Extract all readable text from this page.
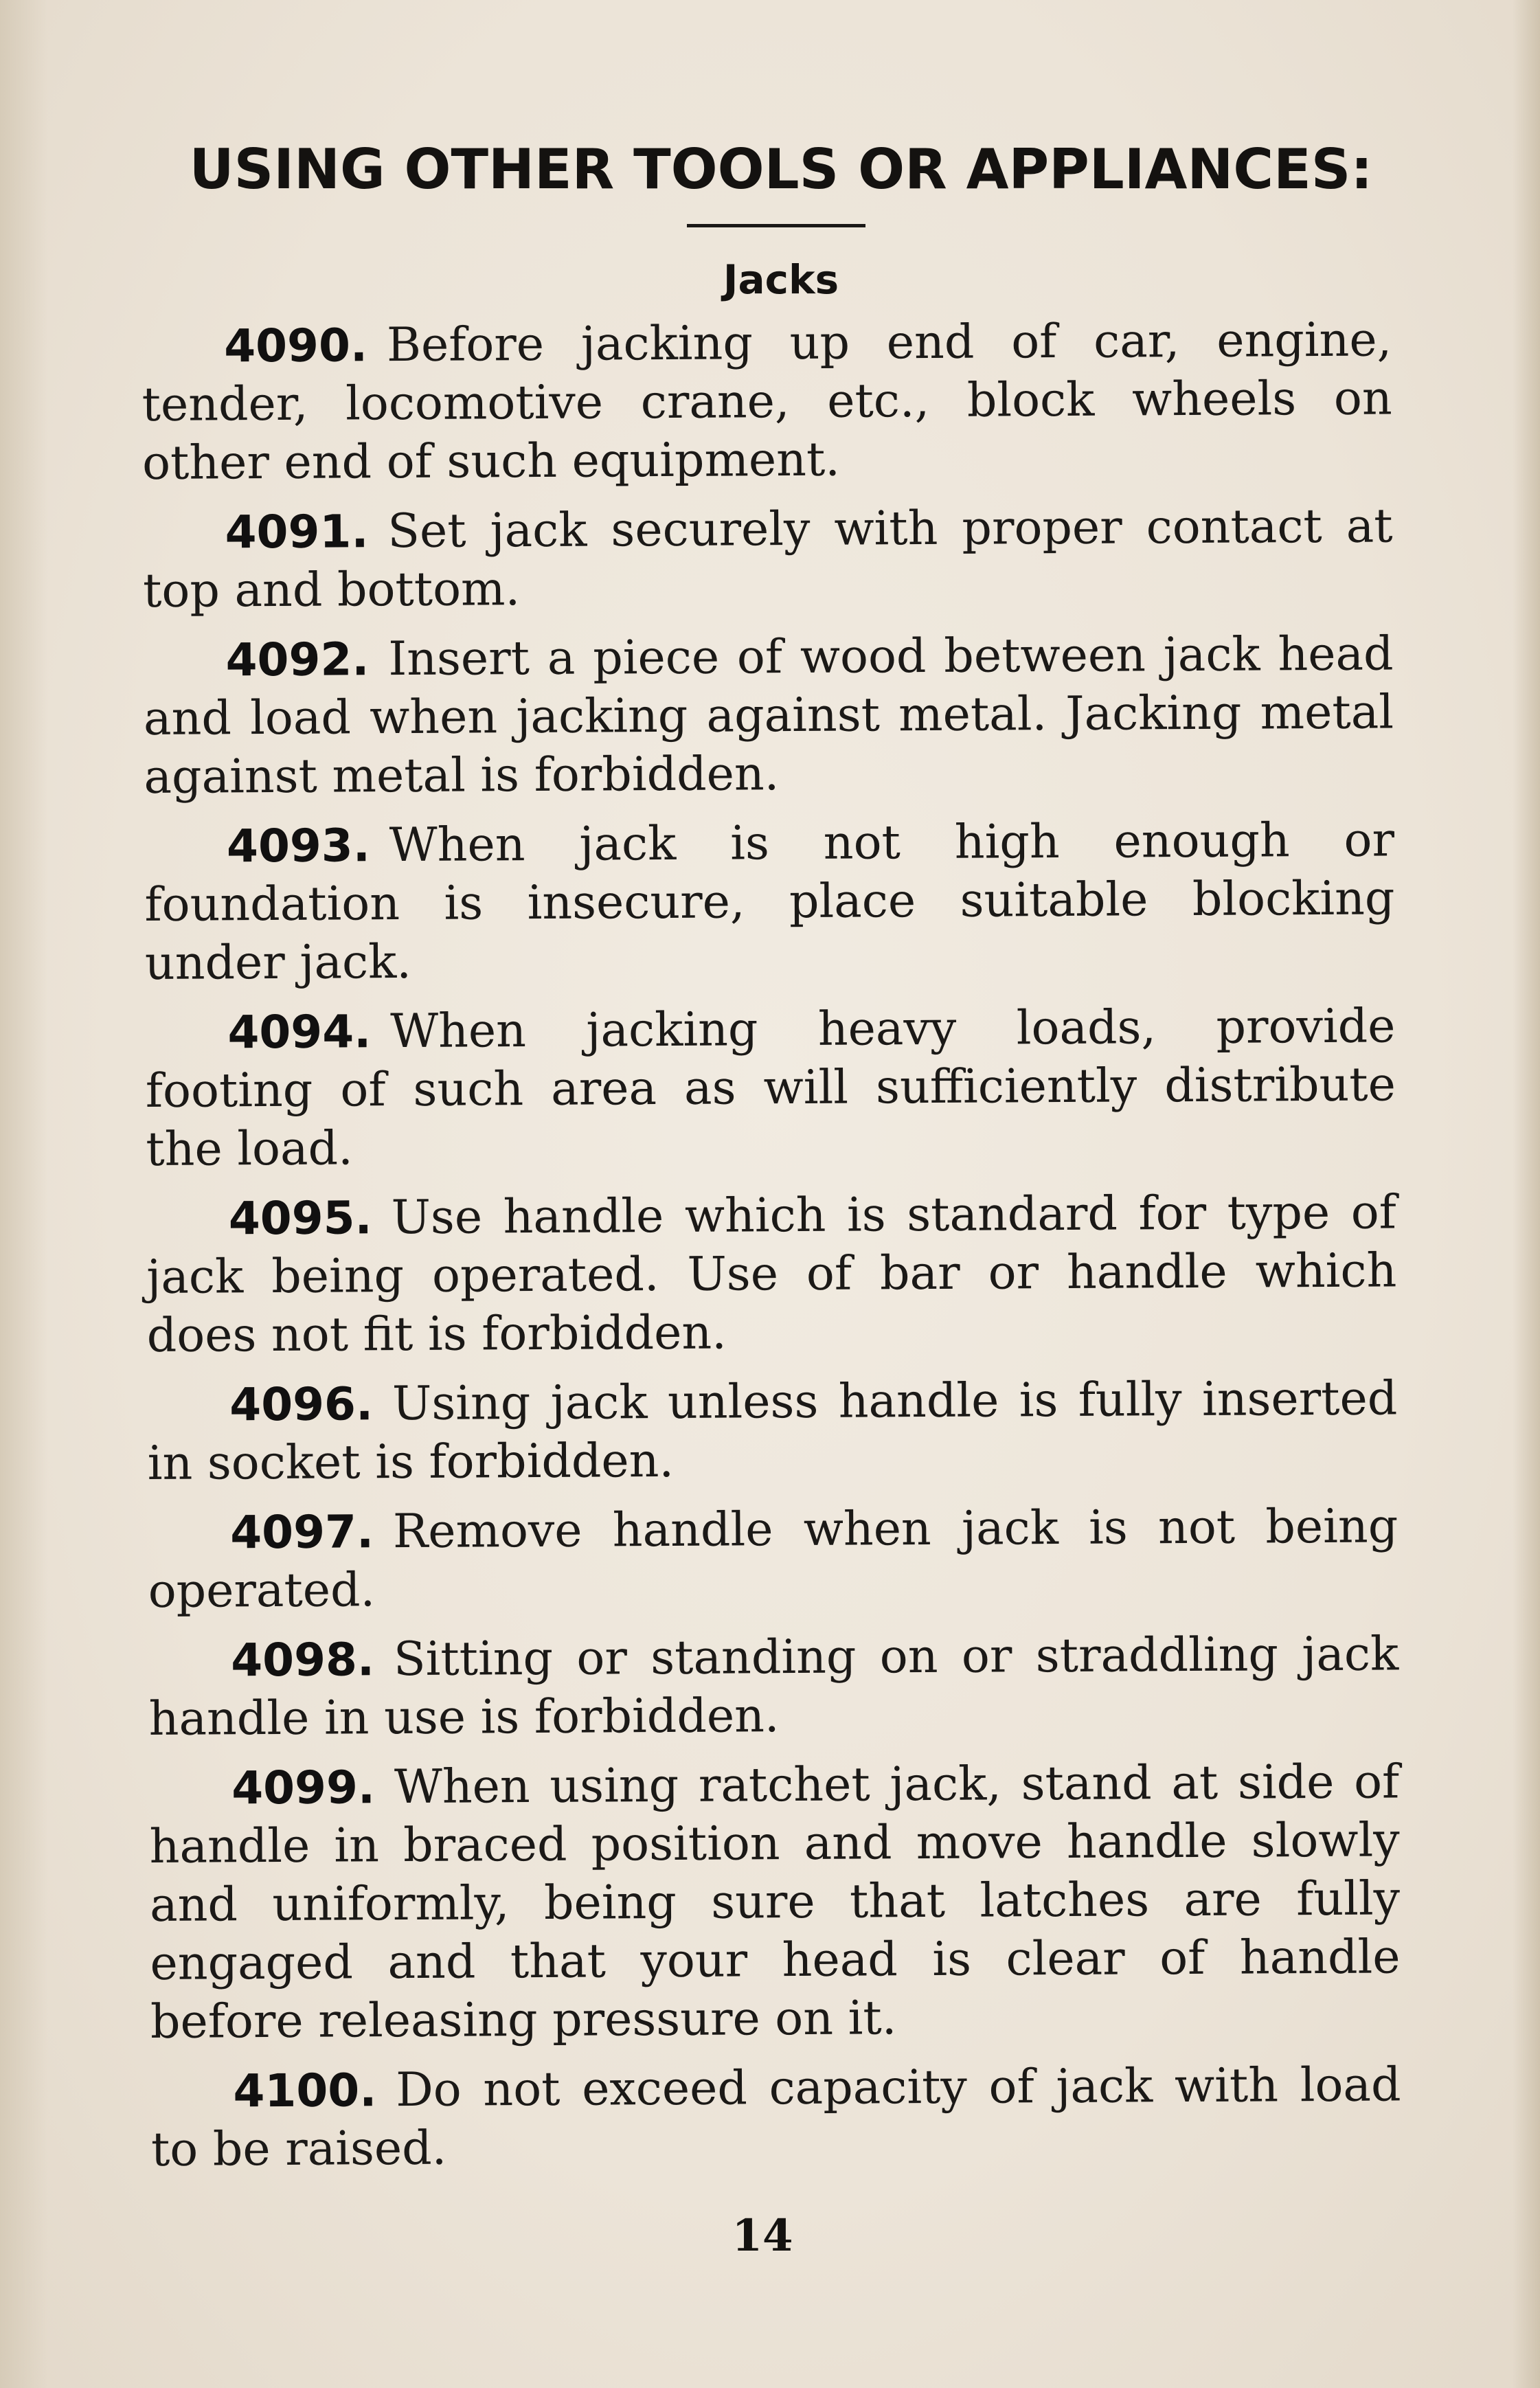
USING OTHER TOOLS OR APPLIANCES:
Jacks

4090. Before jacking up end of car, engine, tender, locomotive crane, etc., block wheels on other end of such equipment.

4091. Set jack securely with proper contact at top and bottom.

4092. Insert a piece of wood between jack head and load when jacking against metal. Jacking metal against metal is forbidden.

4093. When jack is not high enough or foundation is insecure, place suitable blocking under jack.

4094. When jacking heavy loads, provide footing of such area as will sufficiently distribute the load.

4095. Use handle which is standard for type of jack being operated. Use of bar or handle which does not fit is forbidden.

4096. Using jack unless handle is fully inserted in socket is forbidden.

4097. Remove handle when jack is not being operated.

4098. Sitting or standing on or straddling jack handle in use is forbidden.

4099. When using ratchet jack, stand at side of handle in braced position and move handle slowly and uniformly, being sure that latches are fully engaged and that your head is clear of handle before releasing pressure on it.

4100. Do not exceed capacity of jack with load to be raised.

14
